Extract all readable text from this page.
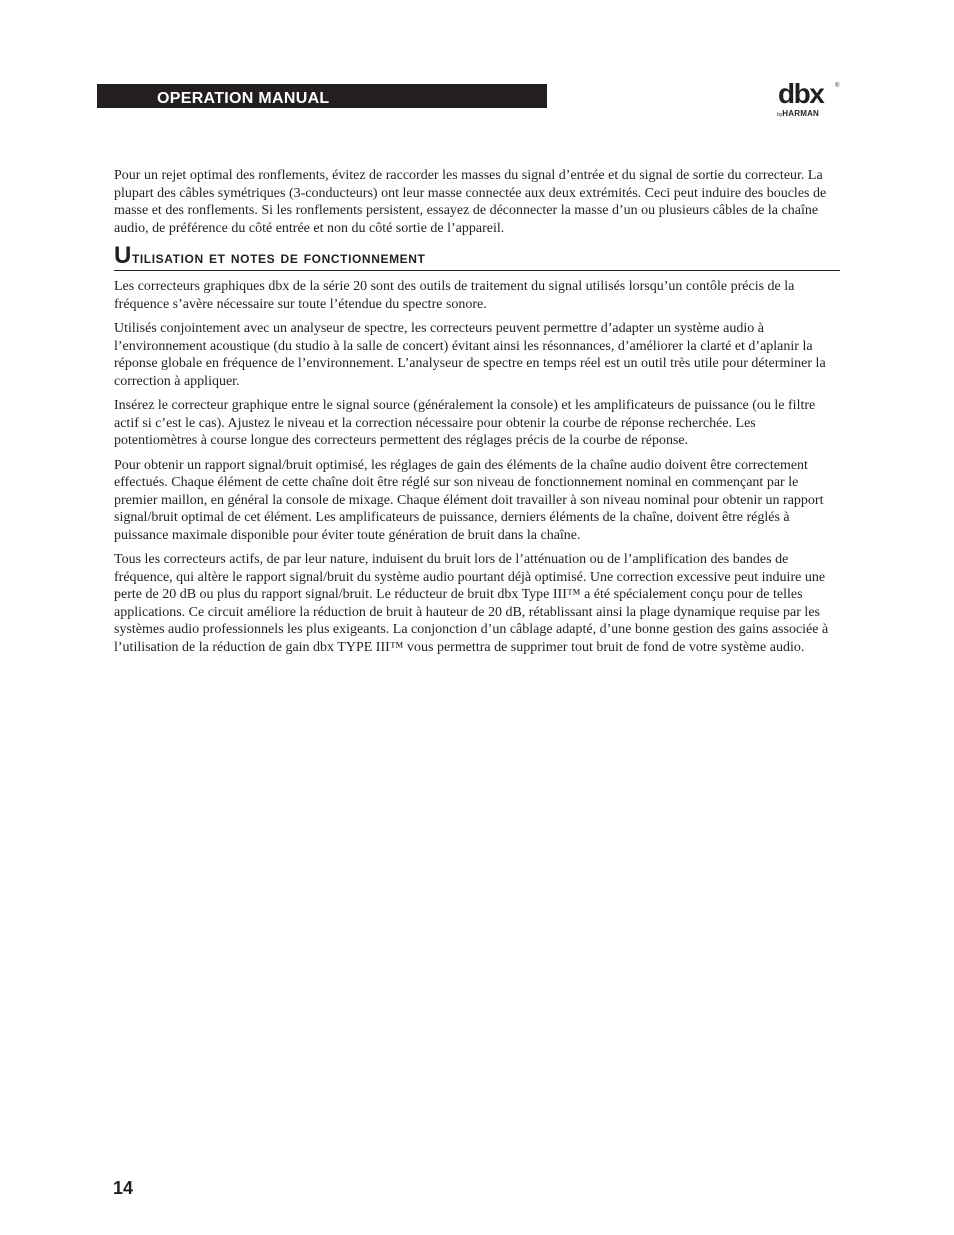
OPERATION MANUAL	dbx ®
byHARMAN

Pour un rejet optimal des ronflements, évitez de raccorder les masses du signal d’entrée et du signal de sortie du correcteur. La plupart des câbles symétriques (3-conducteurs) ont leur masse connectée aux deux extrémités. Ceci peut induire des boucles de masse et des ronflements. Si les ronflements persistent, essayez de déconnecter la masse d’un ou plusieurs câbles de la chaîne audio, de préférence du côté entrée et non du côté sortie de l’appareil.

Utilisation et notes de fonctionnement

Les correcteurs graphiques dbx de la série 20 sont des outils de traitement du signal utilisés lorsqu’un contôle précis de la fréquence s’avère nécessaire sur toute l’étendue du spectre sonore.

Utilisés conjointement avec un analyseur de spectre, les correcteurs peuvent permettre d’adapter un système audio à l’environnement acoustique (du studio à la salle de concert) évitant ainsi les résonnances, d’améliorer la clarté et d’aplanir la réponse globale en fréquence de l’environnement. L’analyseur de spectre en temps réel est un outil très utile pour déterminer la correction à appliquer.

Insérez le correcteur graphique entre le signal source (généralement la console) et les amplificateurs de puissance (ou le filtre actif si c’est le cas). Ajustez le niveau et la correction nécessaire pour obtenir la courbe de réponse recherchée. Les potentiomètres à course longue des correcteurs permettent des réglages précis de la courbe de réponse.

Pour obtenir un rapport signal/bruit optimisé, les réglages de gain des éléments de la chaîne audio doivent être correctement effectués. Chaque élément de cette chaîne doit être réglé sur son niveau de fonctionnement nominal en commençant par le premier maillon, en général la console de mixage. Chaque élément doit travailler à son niveau nominal pour obtenir un rapport signal/bruit optimal de cet élément. Les amplificateurs de puissance, derniers éléments de la chaîne, doivent être réglés à puissance maximale disponible pour éviter toute génération de bruit dans la chaîne.

Tous les correcteurs actifs, de par leur nature, induisent du bruit lors de l’atténuation ou de l’amplification des bandes de fréquence, qui altère le rapport signal/bruit du système audio pourtant déjà optimisé. Une correction excessive peut induire une perte de 20 dB ou plus du rapport signal/bruit. Le réducteur de bruit dbx Type III™ a été spécialement conçu pour de telles applications. Ce circuit améliore la réduction de bruit à hauteur de 20 dB, rétablissant ainsi la plage dynamique requise par les systèmes audio professionnels les plus exigeants. La conjonction d’un câblage adapté, d’une bonne gestion des gains associée à l’utilisation de la réduction de gain dbx TYPE III™ vous permettra de supprimer tout bruit de fond de votre système audio.

14
